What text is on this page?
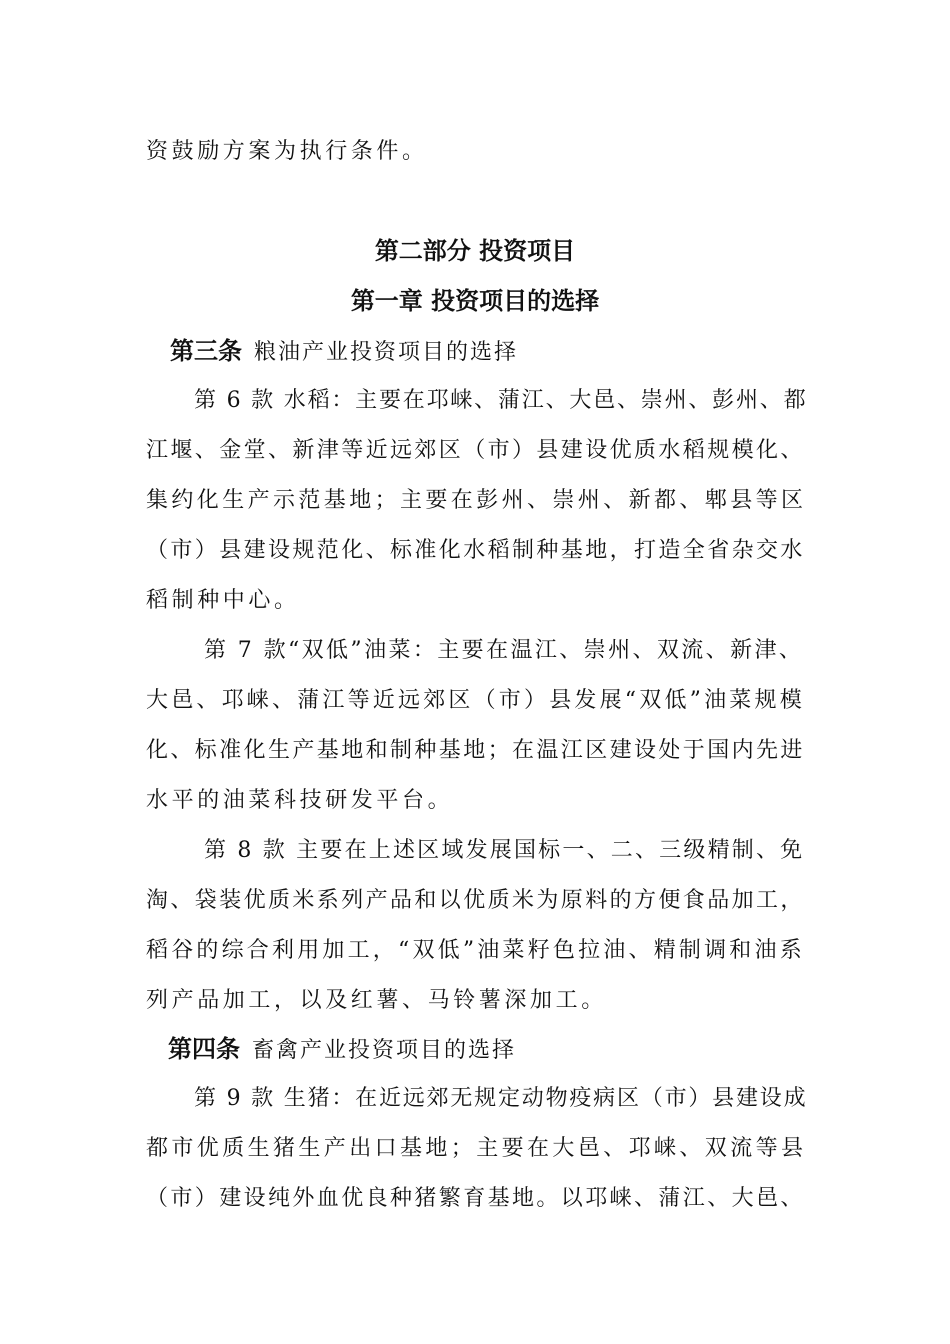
资鼓励方案为执行条件。
第二部分 投资项目
第一章 投资项目的选择
第三条 粮油产业投资项目的选择
第 6 款 水稻：主要在邛崃、蒲江、大邑、崇州、彭州、都
江堰、金堂、新津等近远郊区（市）县建设优质水稻规模化、
集约化生产示范基地；主要在彭州、崇州、新都、郫县等区
（市）县建设规范化、标准化水稻制种基地，打造全省杂交水
稻制种中心。
第 7 款“双低”油菜：主要在温江、崇州、双流、新津、
大邑、邛崃、蒲江等近远郊区（市）县发展“双低”油菜规模
化、标准化生产基地和制种基地；在温江区建设处于国内先进
水平的油菜科技研发平台。
第 8 款 主要在上述区域发展国标一、二、三级精制、免
淘、袋装优质米系列产品和以优质米为原料的方便食品加工，
稻谷的综合利用加工，“双低”油菜籽色拉油、精制调和油系
列产品加工，以及红薯、马铃薯深加工。
第四条 畜禽产业投资项目的选择
第 9 款 生猪：在近远郊无规定动物疫病区（市）县建设成
都市优质生猪生产出口基地；主要在大邑、邛崃、双流等县
（市）建设纯外血优良种猪繁育基地。以邛崃、蒲江、大邑、
